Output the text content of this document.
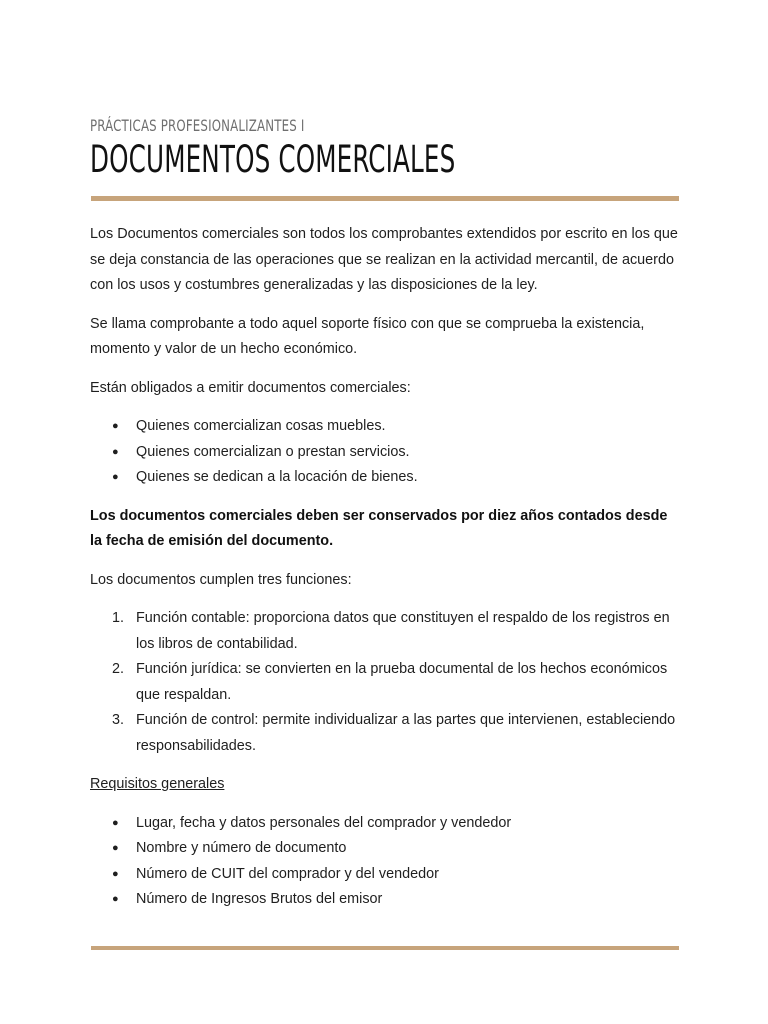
PRÁCTICAS PROFESIONALIZANTES I
DOCUMENTOS COMERCIALES

Los Documentos comerciales son todos los comprobantes extendidos por escrito en los que se deja constancia de las operaciones que se realizan en la actividad mercantil, de acuerdo con los usos y costumbres generalizadas y las disposiciones de la ley.

Se llama comprobante a todo aquel soporte físico con que se comprueba la existencia, momento y valor de un hecho económico.

Están obligados a emitir documentos comerciales:

● Quienes comercializan cosas muebles.
● Quienes comercializan o prestan servicios.
● Quienes se dedican a la locación de bienes.

Los documentos comerciales deben ser conservados por diez años contados desde la fecha de emisión del documento.

Los documentos cumplen tres funciones:

1. Función contable: proporciona datos que constituyen el respaldo de los registros en los libros de contabilidad.
2. Función jurídica: se convierten en la prueba documental de los hechos económicos que respaldan.
3. Función de control: permite individualizar a las partes que intervienen, estableciendo responsabilidades.

Requisitos generales

● Lugar, fecha y datos personales del comprador y vendedor
● Nombre y número de documento
● Número de CUIT del comprador y del vendedor
● Número de Ingresos Brutos del emisor
